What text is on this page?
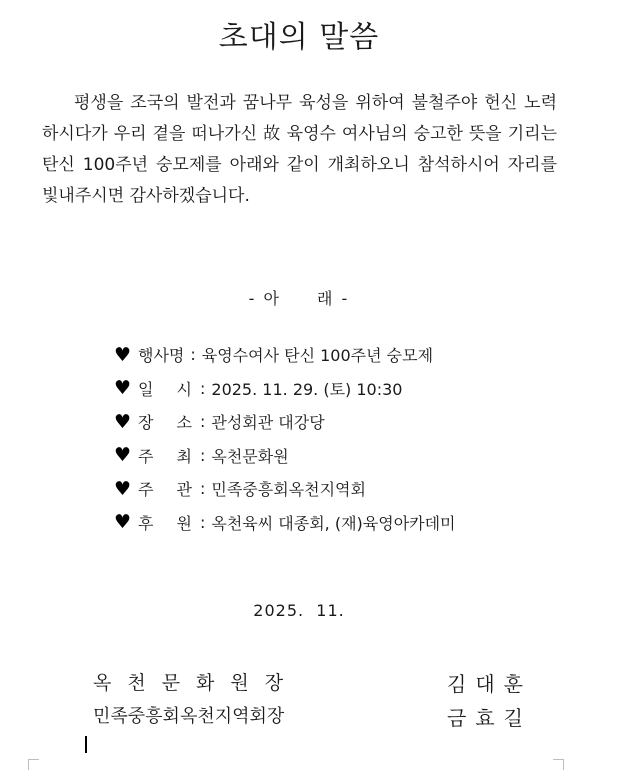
초대의 말씀

평생을 조국의 발전과 꿈나무 육성을 위하여 불철주야 헌신 노력하시다가 우리 곁을 떠나가신 故 육영수 여사님의 숭고한 뜻을 기리는 탄신 100주년 숭모제를 아래와 같이 개최하오니 참석하시어 자리를 빛내주시면 감사하겠습니다.

- 아 래 -
♥ 행사명 : 육영수여사 탄신 100주년 숭모제
♥ 일 시 : 2025. 11. 29. (토) 10:30
♥ 장 소 : 관성회관 대강당
♥ 주 최 : 옥천문화원
♥ 주 관 : 민족중흥회옥천지역회
♥ 후 원 : 옥천육씨 대종회, (재)육영아카데미
2025.  11.
옥천문화원장	김대훈
민족중흥회옥천지역회장	금효길
